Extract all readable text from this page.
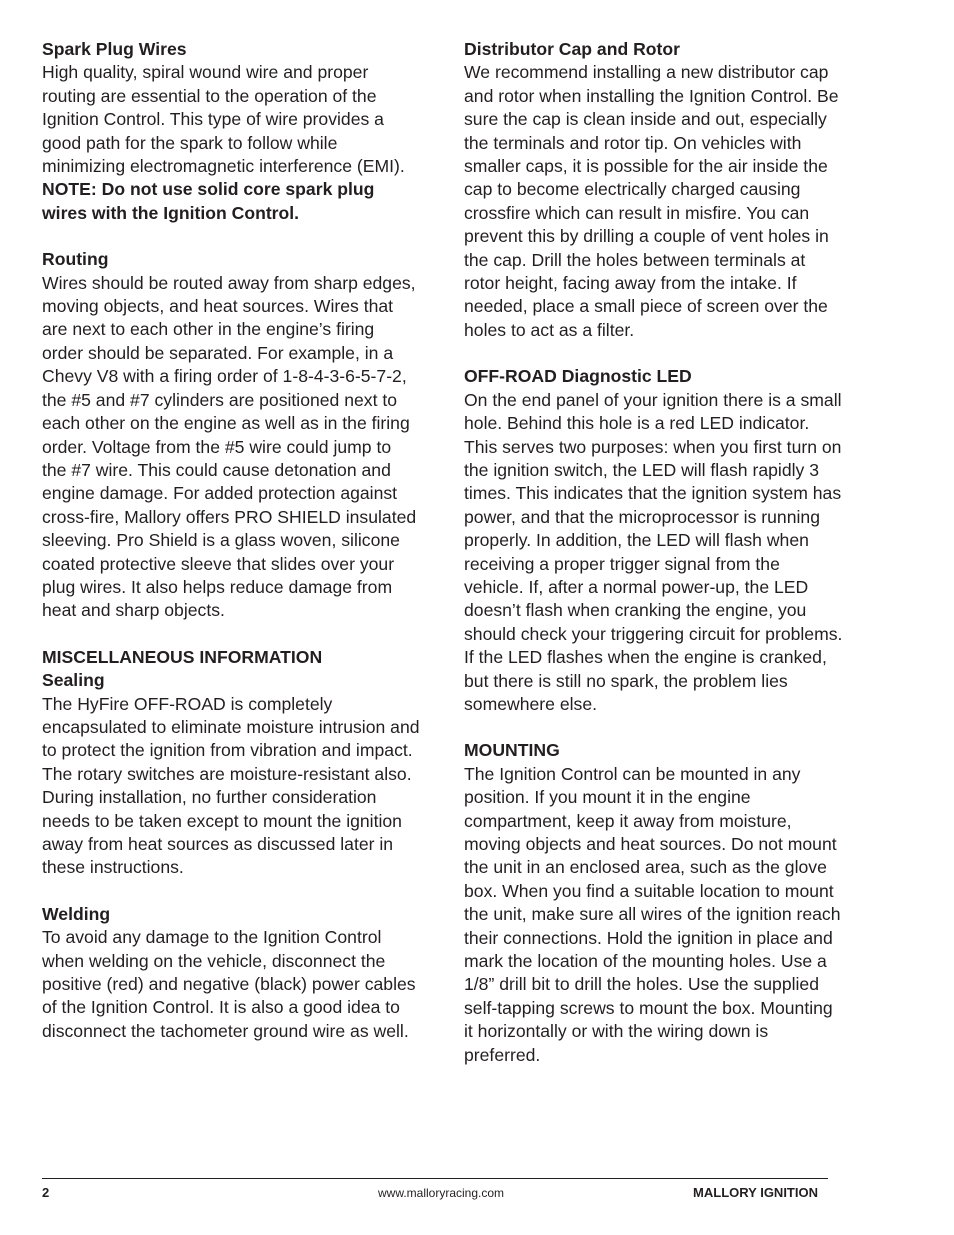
Spark Plug Wires

High quality, spiral wound wire and proper routing are essential to the operation of the Ignition Control. This type of wire provides a good path for the spark to follow while minimizing electromagnetic interference (EMI).

NOTE: Do not use solid core spark plug wires with the Ignition Control.

Routing

Wires should be routed away from sharp edges, moving objects, and heat sources. Wires that are next to each other in the engine’s firing order should be separated. For example, in a Chevy V8 with a firing order of 1-8-4-3-6-5-7-2, the #5 and #7 cylinders are positioned next to each other on the engine as well as in the firing order. Voltage from the #5 wire could jump to the #7 wire. This could cause detonation and engine damage. For added protection against cross-fire, Mallory offers PRO SHIELD insulated sleeving. Pro Shield is a glass woven, silicone coated protective sleeve that slides over your plug wires. It also helps reduce damage from heat and sharp objects.

MISCELLANEOUS INFORMATION

Sealing

The HyFire OFF-ROAD is completely encapsulated to eliminate moisture intrusion and to protect the ignition from vibration and impact. The rotary switches are moisture-resistant also. During installation, no further consideration needs to be taken except to mount the ignition away from heat sources as discussed later in these instructions.

Welding

To avoid any damage to the Ignition Control when welding on the vehicle, disconnect the positive (red) and negative (black) power cables of the Ignition Control. It is also a good idea to disconnect the tachometer ground wire as well.

Distributor Cap and Rotor

We recommend installing a new distributor cap and rotor when installing the Ignition Control. Be sure the cap is clean inside and out, especially the terminals and rotor tip. On vehicles with smaller caps, it is possible for the air inside the cap to become electrically charged causing crossfire which can result in misfire. You can prevent this by drilling a couple of vent holes in the cap. Drill the holes between terminals at rotor height, facing away from the intake. If needed, place a small piece of screen over the holes to act as a filter.

OFF-ROAD Diagnostic LED

On the end panel of your ignition there is a small hole. Behind this hole is a red LED indicator. This serves two purposes: when you first turn on the ignition switch, the LED will flash rapidly 3 times. This indicates that the ignition system has power, and that the microprocessor is running properly. In addition, the LED will flash when receiving a proper trigger signal from the vehicle. If, after a normal power-up, the LED doesn’t flash when cranking the engine, you should check your triggering circuit for problems. If the LED flashes when the engine is cranked, but there is still no spark, the problem lies somewhere else.

MOUNTING

The Ignition Control can be mounted in any position. If you mount it in the engine compartment, keep it away from moisture, moving objects and heat sources. Do not mount the unit in an enclosed area, such as the glove box. When you find a suitable location to mount the unit, make sure all wires of the ignition reach their connections. Hold the ignition in place and mark the location of the mounting holes. Use a 1/8” drill bit to drill the holes. Use the supplied self-tapping screws to mount the box. Mounting it horizontally or with the wiring down is preferred.

2	www.malloryracing.com	MALLORY IGNITION
